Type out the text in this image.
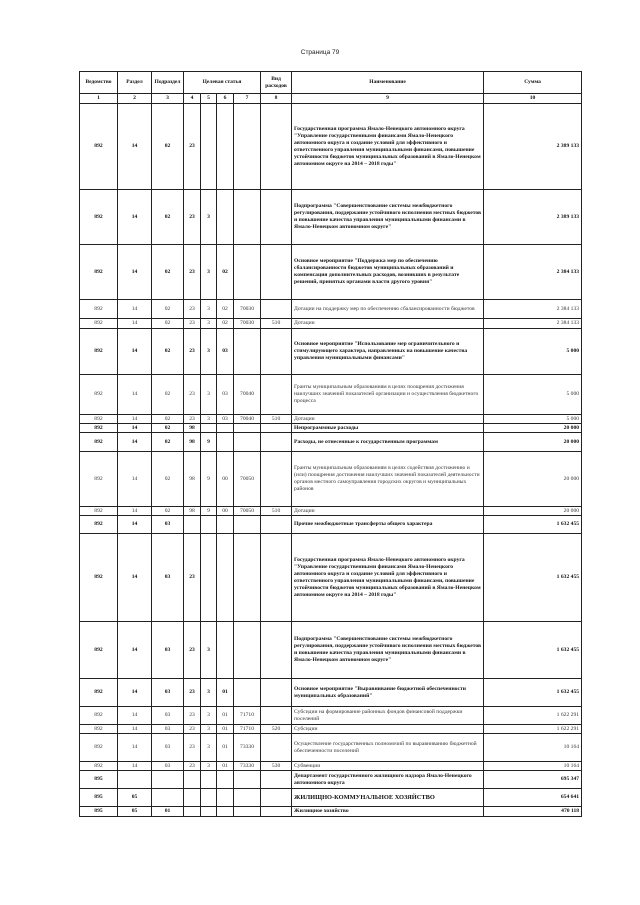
Страница 79
Ведомство	Раздел	Подраздел	Целевая статья				Вид расходов	Наименование	Сумма
1	2	3	4	5	6	7	8	9	10
892	14	02	23					Государственная программа Ямало-Ненецкого автономного округа "Управление государственными финансами Ямало-Ненецкого автономного округа и создание условий для эффективного и ответственного управления муниципальными финансами, повышение устойчивости бюджетов муниципальных образований в Ямало-Ненецком автономном округе на 2014 – 2018 годы"	2 389 133
892	14	02	23	3				Подпрограмма "Совершенствование системы межбюджетного регулирования, поддержание устойчивого исполнения местных бюджетов и повышение качества управления муниципальными финансами в Ямало-Ненецком автономном округе"	2 389 133
892	14	02	23	3	02			Основное мероприятие "Поддержка мер по обеспечению сбалансированности бюджетов муниципальных образований и компенсация дополнительных расходов, возникших в результате решений, принятых органами власти другого уровня"	2 384 133
892	14	02	23	3	02	70030		Дотации на поддержку мер по обеспечению сбалансированности бюджетов	2 384 133
892	14	02	23	3	02	70030	510	Дотации	2 384 133
892	14	02	23	3	03			Основное мероприятие "Использование мер ограничительного и стимулирующего характера, направленных на повышение качества управления муниципальными финансами"	5 000
892	14	02	23	3	03	70040		Гранты муниципальным образованиям в целях поощрения достижения наилучших значений показателей организации и осуществления бюджетного процесса	5 000
892	14	02	23	3	03	70040	510	Дотации	5 000
892	14	02	98					Непрограммные расходы	20 000
892	14	02	98	9				Расходы, не отнесенные к государственным программам	20 000
892	14	02	98	9	00	70050		Гранты муниципальным образованиям в целях содействия достижению и (или) поощрения достижения наилучших значений показателей деятельности органов местного самоуправления городских округов и муниципальных районов	20 000
892	14	02	98	9	00	70050	510	Дотации	20 000
892	14	03						Прочие межбюджетные трансферты общего характера	1 632 455
892	14	03	23					Государственная программа Ямало-Ненецкого автономного округа "Управление государственными финансами Ямало-Ненецкого автономного округа и создание условий для эффективного и ответственного управления муниципальными финансами, повышение устойчивости бюджетов муниципальных образований в Ямало-Ненецком автономном округе на 2014 – 2018 годы"	1 632 455
892	14	03	23	3				Подпрограмма "Совершенствование системы межбюджетного регулирования, поддержание устойчивого исполнения местных бюджетов и повышение качества управления муниципальными финансами в Ямало-Ненецком автономном округе"	1 632 455
892	14	03	23	3	01			Основное мероприятие "Выравнивание бюджетной обеспеченности муниципальных образований"	1 632 455
892	14	03	23	3	01	71710		Субсидии на формирование районных фондов финансовой поддержки поселений	1 622 291
892	14	03	23	3	01	71710	520	Субсидии	1 622 291
892	14	03	23	3	01	73330		Осуществление государственных полномочий по выравниванию бюджетной обеспеченности поселений	10 164
892	14	03	23	3	01	73330	530	Субвенции	10 164
895								Департамент государственного жилищного надзора Ямало-Ненецкого автономного округа	695 347
895	05							ЖИЛИЩНО-КОММУНАЛЬНОЕ ХОЗЯЙСТВО	654 641
895	05	01						Жилищное хозяйство	470 118
